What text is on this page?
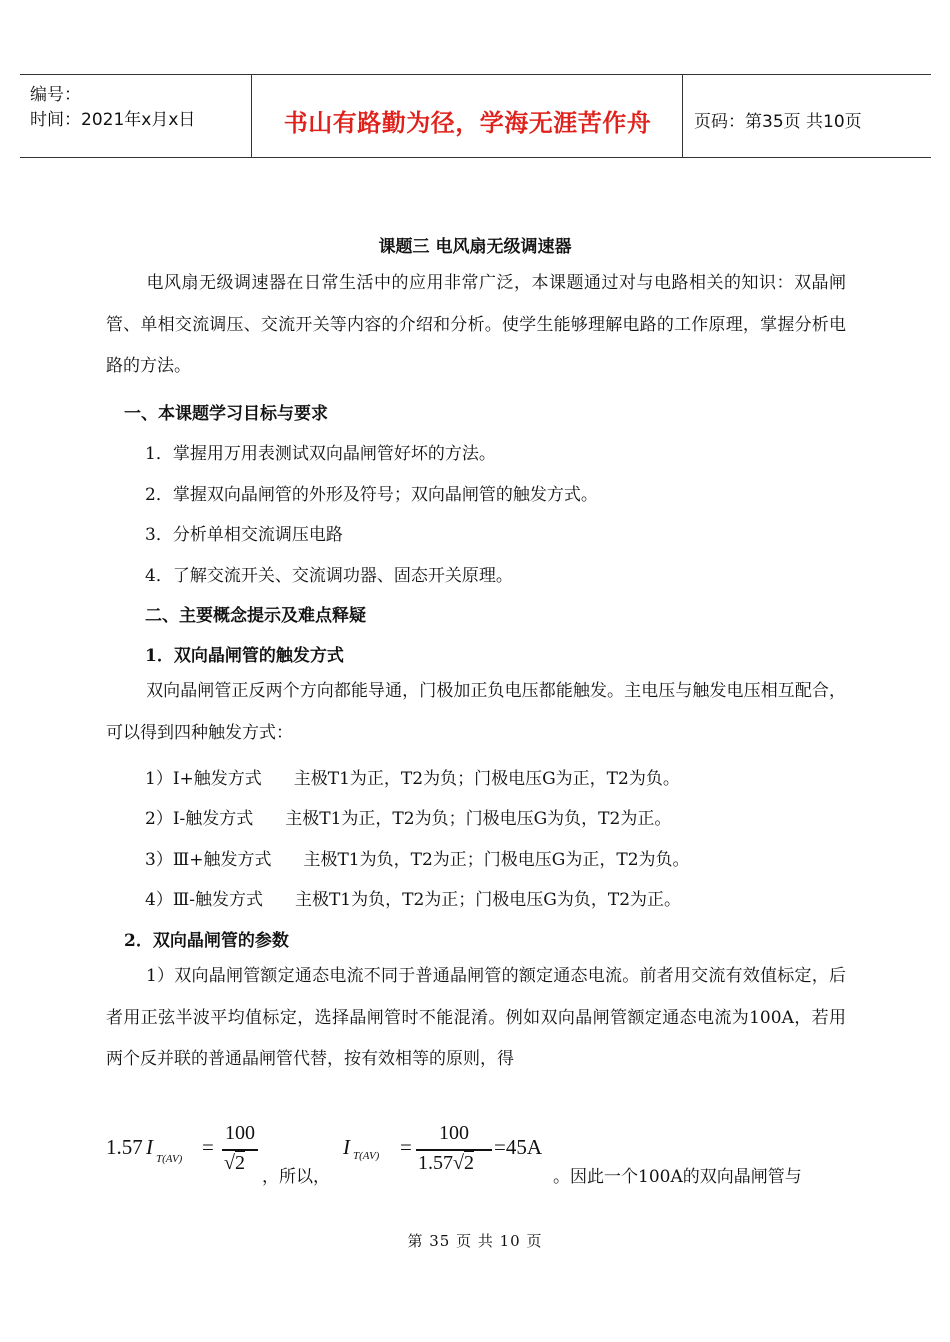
编号：
时间：2021年x月x日	书山有路勤为径，学海无涯苦作舟	页码：第35页 共10页
课题三 电风扇无级调速器
电风扇无级调速器在日常生活中的应用非常广泛，本课题通过对与电路相关的知识：双晶闸管、单相交流调压、交流开关等内容的介绍和分析。使学生能够理解电路的工作原理，掌握分析电路的方法。
一、本课题学习目标与要求
1．掌握用万用表测试双向晶闸管好坏的方法。
2．掌握双向晶闸管的外形及符号；双向晶闸管的触发方式。
3．分析单相交流调压电路
4．了解交流开关、交流调功器、固态开关原理。
二、主要概念提示及难点释疑
1．双向晶闸管的触发方式
双向晶闸管正反两个方向都能导通，门极加正负电压都能触发。主电压与触发电压相互配合，可以得到四种触发方式：
1）Ⅰ+触发方式 主极T1为正，T2为负；门极电压G为正，T2为负。
2）Ⅰ-触发方式 主极T1为正，T2为负；门极电压G为负，T2为正。
3）Ⅲ+触发方式 主极T1为负，T2为正；门极电压G为正，T2为负。
4）Ⅲ-触发方式 主极T1为负，T2为正；门极电压G为负，T2为正。
2．双向晶闸管的参数
1）双向晶闸管额定通态电流不同于普通晶闸管的额定通态电流。前者用交流有效值标定，后者用正弦半波平均值标定，选择晶闸管时不能混淆。例如双向晶闸管额定通态电流为100A，若用两个反并联的普通晶闸管代替，按有效相等的原则，得
1.57 I T(AV) =
100
√2
，所以，
I T(AV) =
100
1.57√2
=45A
。因此一个100A的双向晶闸管与
第 35 页 共 10 页
